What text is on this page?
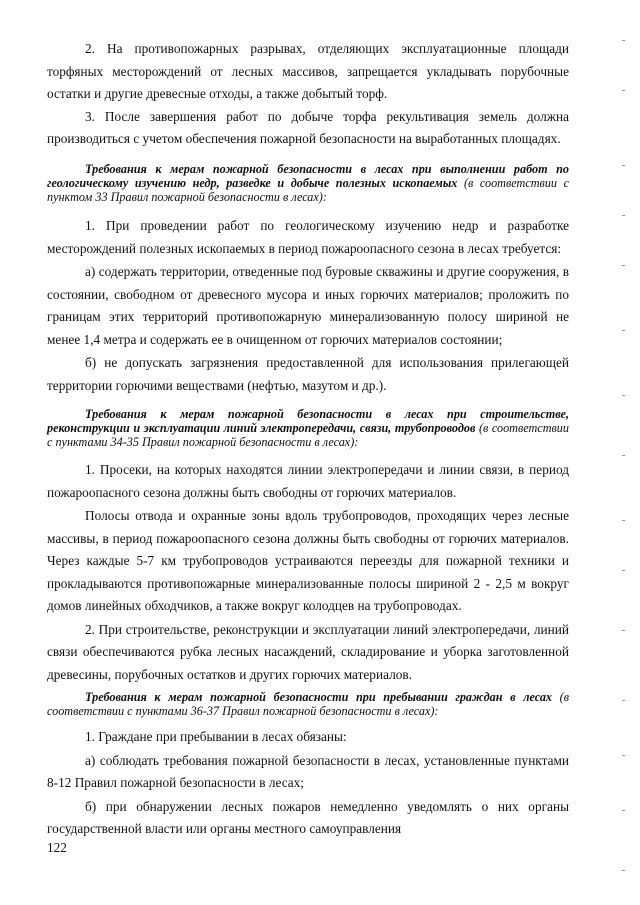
2. На противопожарных разрывах, отделяющих эксплуатационные площади торфяных месторождений от лесных массивов, запрещается укладывать порубочные остатки и другие древесные отходы, а также добытый торф.

3. После завершения работ по добыче торфа рекультивация земель должна производиться с учетом обеспечения пожарной безопасности на выработанных площадях.

Требования к мерам пожарной безопасности в лесах при выполнении работ по геологическому изучению недр, разведке и добыче полезных ископаемых (в соответствии с пунктом 33 Правил пожарной безопасности в лесах):

1. При проведении работ по геологическому изучению недр и разработке месторождений полезных ископаемых в период пожароопасного сезона в лесах требуется:

а) содержать территории, отведенные под буровые скважины и другие сооружения, в состоянии, свободном от древесного мусора и иных горючих материалов; проложить по границам этих территорий противопожарную минерализованную полосу шириной не менее 1,4 метра и содержать ее в очищенном от горючих материалов состоянии;

б) не допускать загрязнения предоставленной для использования прилегающей территории горючими веществами (нефтью, мазутом и др.).

Требования к мерам пожарной безопасности в лесах при строительстве, реконструкции и эксплуатации линий электропередачи, связи, трубопроводов (в соответствии с пунктами 34-35 Правил пожарной безопасности в лесах):

1. Просеки, на которых находятся линии электропередачи и линии связи, в период пожароопасного сезона должны быть свободны от горючих материалов.

Полосы отвода и охранные зоны вдоль трубопроводов, проходящих через лесные массивы, в период пожароопасного сезона должны быть свободны от горючих материалов. Через каждые 5-7 км трубопроводов устраиваются переезды для пожарной техники и прокладываются противопожарные минерализованные полосы шириной 2 - 2,5 м вокруг домов линейных обходчиков, а также вокруг колодцев на трубопроводах.

2. При строительстве, реконструкции и эксплуатации линий электропередачи, линий связи обеспечиваются рубка лесных насаждений, складирование и уборка заготовленной древесины, порубочных остатков и других горючих материалов.

Требования к мерам пожарной безопасности при пребывании граждан в лесах (в соответствии с пунктами 36-37 Правил пожарной безопасности в лесах):

1. Граждане при пребывании в лесах обязаны:

а) соблюдать требования пожарной безопасности в лесах, установленные пунктами 8-12 Правил пожарной безопасности в лесах;

б) при обнаружении лесных пожаров немедленно уведомлять о них органы государственной власти или органы местного самоуправления

122
